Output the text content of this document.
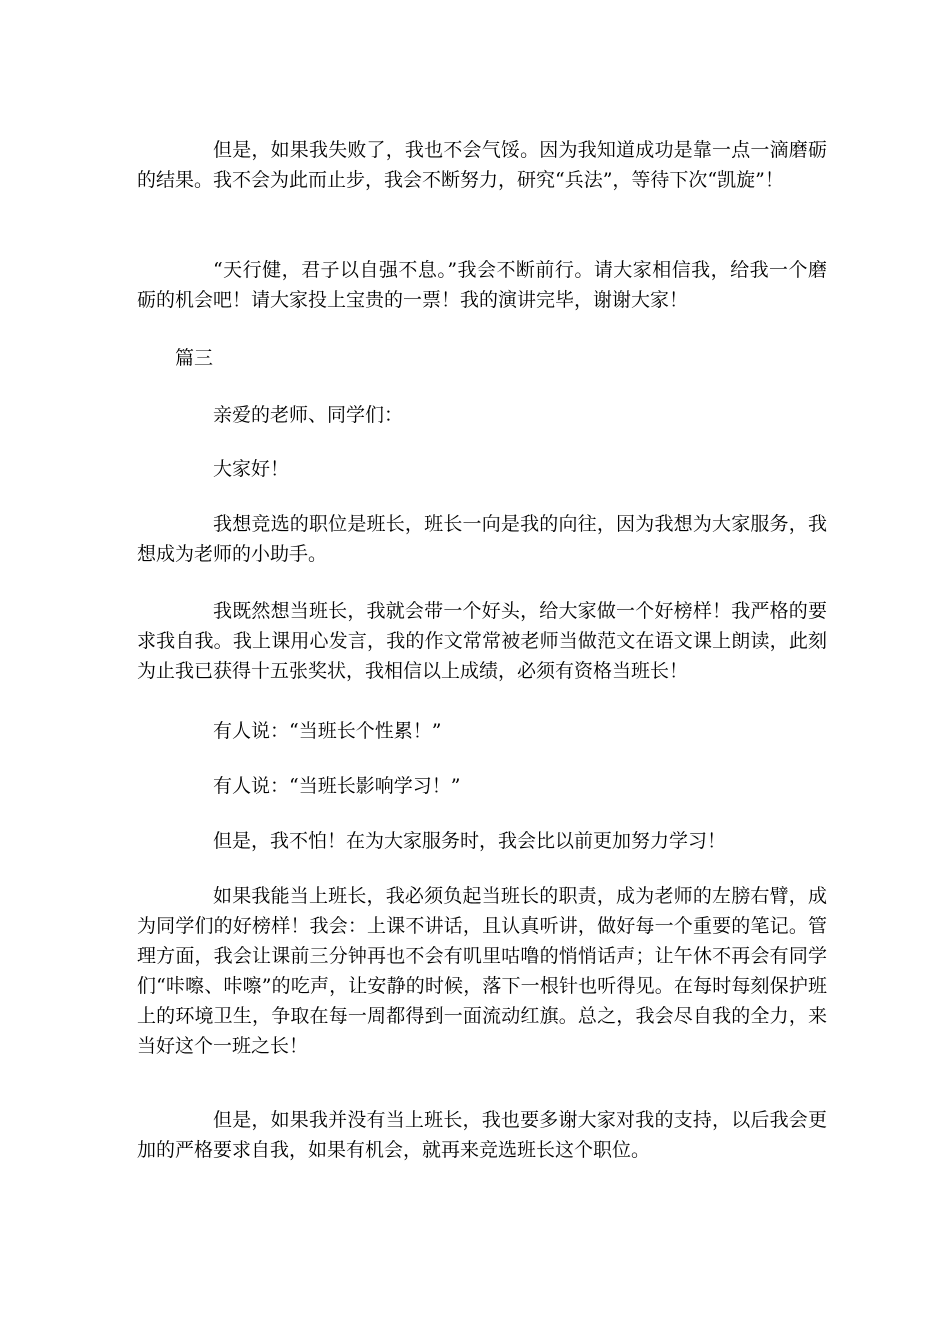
但是，如果我失败了，我也不会气馁。因为我知道成功是靠一点一滴磨砺的结果。我不会为此而止步，我会不断努力，研究“兵法”，等待下次“凯旋”！

“天行健，君子以自强不息。”我会不断前行。请大家相信我，给我一个磨砺的机会吧！请大家投上宝贵的一票！我的演讲完毕，谢谢大家！

篇三

亲爱的老师、同学们：

大家好！

我想竞选的职位是班长，班长一向是我的向往，因为我想为大家服务，我想成为老师的小助手。

我既然想当班长，我就会带一个好头，给大家做一个好榜样！我严格的要求我自我。我上课用心发言，我的作文常常被老师当做范文在语文课上朗读，此刻为止我已获得十五张奖状，我相信以上成绩，必须有资格当班长！

有人说：“当班长个性累！”

有人说：“当班长影响学习！”

但是，我不怕！在为大家服务时，我会比以前更加努力学习！

如果我能当上班长，我必须负起当班长的职责，成为老师的左膀右臂，成为同学们的好榜样！我会：上课不讲话，且认真听讲，做好每一个重要的笔记。管理方面，我会让课前三分钟再也不会有叽里咕噜的悄悄话声；让午休不再会有同学们“咔嚓、咔嚓”的吃声，让安静的时候，落下一根针也听得见。在每时每刻保护班上的环境卫生，争取在每一周都得到一面流动红旗。总之，我会尽自我的全力，来当好这个一班之长！

但是，如果我并没有当上班长，我也要多谢大家对我的支持，以后我会更加的严格要求自我，如果有机会，就再来竞选班长这个职位。
